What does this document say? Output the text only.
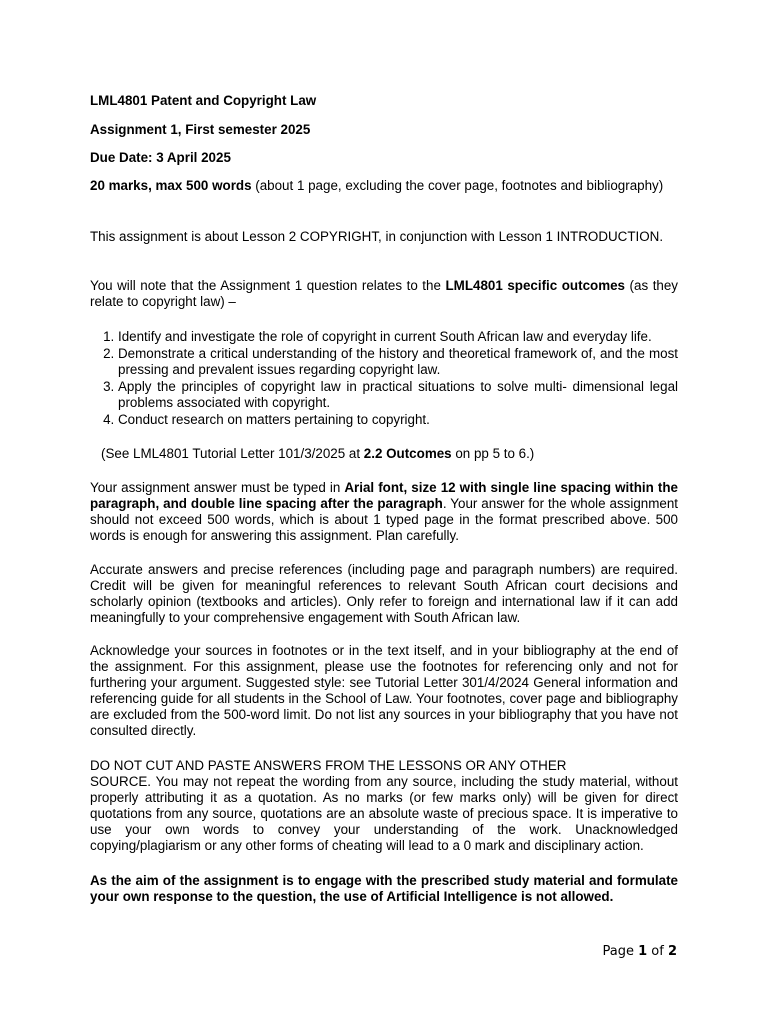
LML4801 Patent and Copyright Law

Assignment 1, First semester 2025

Due Date: 3 April 2025

20 marks, max 500 words (about 1 page, excluding the cover page, footnotes and bibliography)

This assignment is about Lesson 2 COPYRIGHT, in conjunction with Lesson 1 INTRODUCTION.

You will note that the Assignment 1 question relates to the LML4801 specific outcomes (as they relate to copyright law) –

1. Identify and investigate the role of copyright in current South African law and everyday life.
2. Demonstrate a critical understanding of the history and theoretical framework of, and the most pressing and prevalent issues regarding copyright law.
3. Apply the principles of copyright law in practical situations to solve multi- dimensional legal problems associated with copyright.
4. Conduct research on matters pertaining to copyright.

(See LML4801 Tutorial Letter 101/3/2025 at 2.2 Outcomes on pp 5 to 6.)

Your assignment answer must be typed in Arial font, size 12 with single line spacing within the paragraph, and double line spacing after the paragraph. Your answer for the whole assignment should not exceed 500 words, which is about 1 typed page in the format prescribed above. 500 words is enough for answering this assignment. Plan carefully.

Accurate answers and precise references (including page and paragraph numbers) are required. Credit will be given for meaningful references to relevant South African court decisions and scholarly opinion (textbooks and articles). Only refer to foreign and international law if it can add meaningfully to your comprehensive engagement with South African law.

Acknowledge your sources in footnotes or in the text itself, and in your bibliography at the end of the assignment. For this assignment, please use the footnotes for referencing only and not for furthering your argument. Suggested style: see Tutorial Letter 301/4/2024 General information and referencing guide for all students in the School of Law. Your footnotes, cover page and bibliography are excluded from the 500-word limit. Do not list any sources in your bibliography that you have not consulted directly.

DO NOT CUT AND PASTE ANSWERS FROM THE LESSONS OR ANY OTHER

SOURCE. You may not repeat the wording from any source, including the study material, without properly attributing it as a quotation. As no marks (or few marks only) will be given for direct quotations from any source, quotations are an absolute waste of precious space. It is imperative to use your own words to convey your understanding of the work. Unacknowledged copying/plagiarism or any other forms of cheating will lead to a 0 mark and disciplinary action.

As the aim of the assignment is to engage with the prescribed study material and formulate your own response to the question, the use of Artificial Intelligence is not allowed.

Page 1 of 2
